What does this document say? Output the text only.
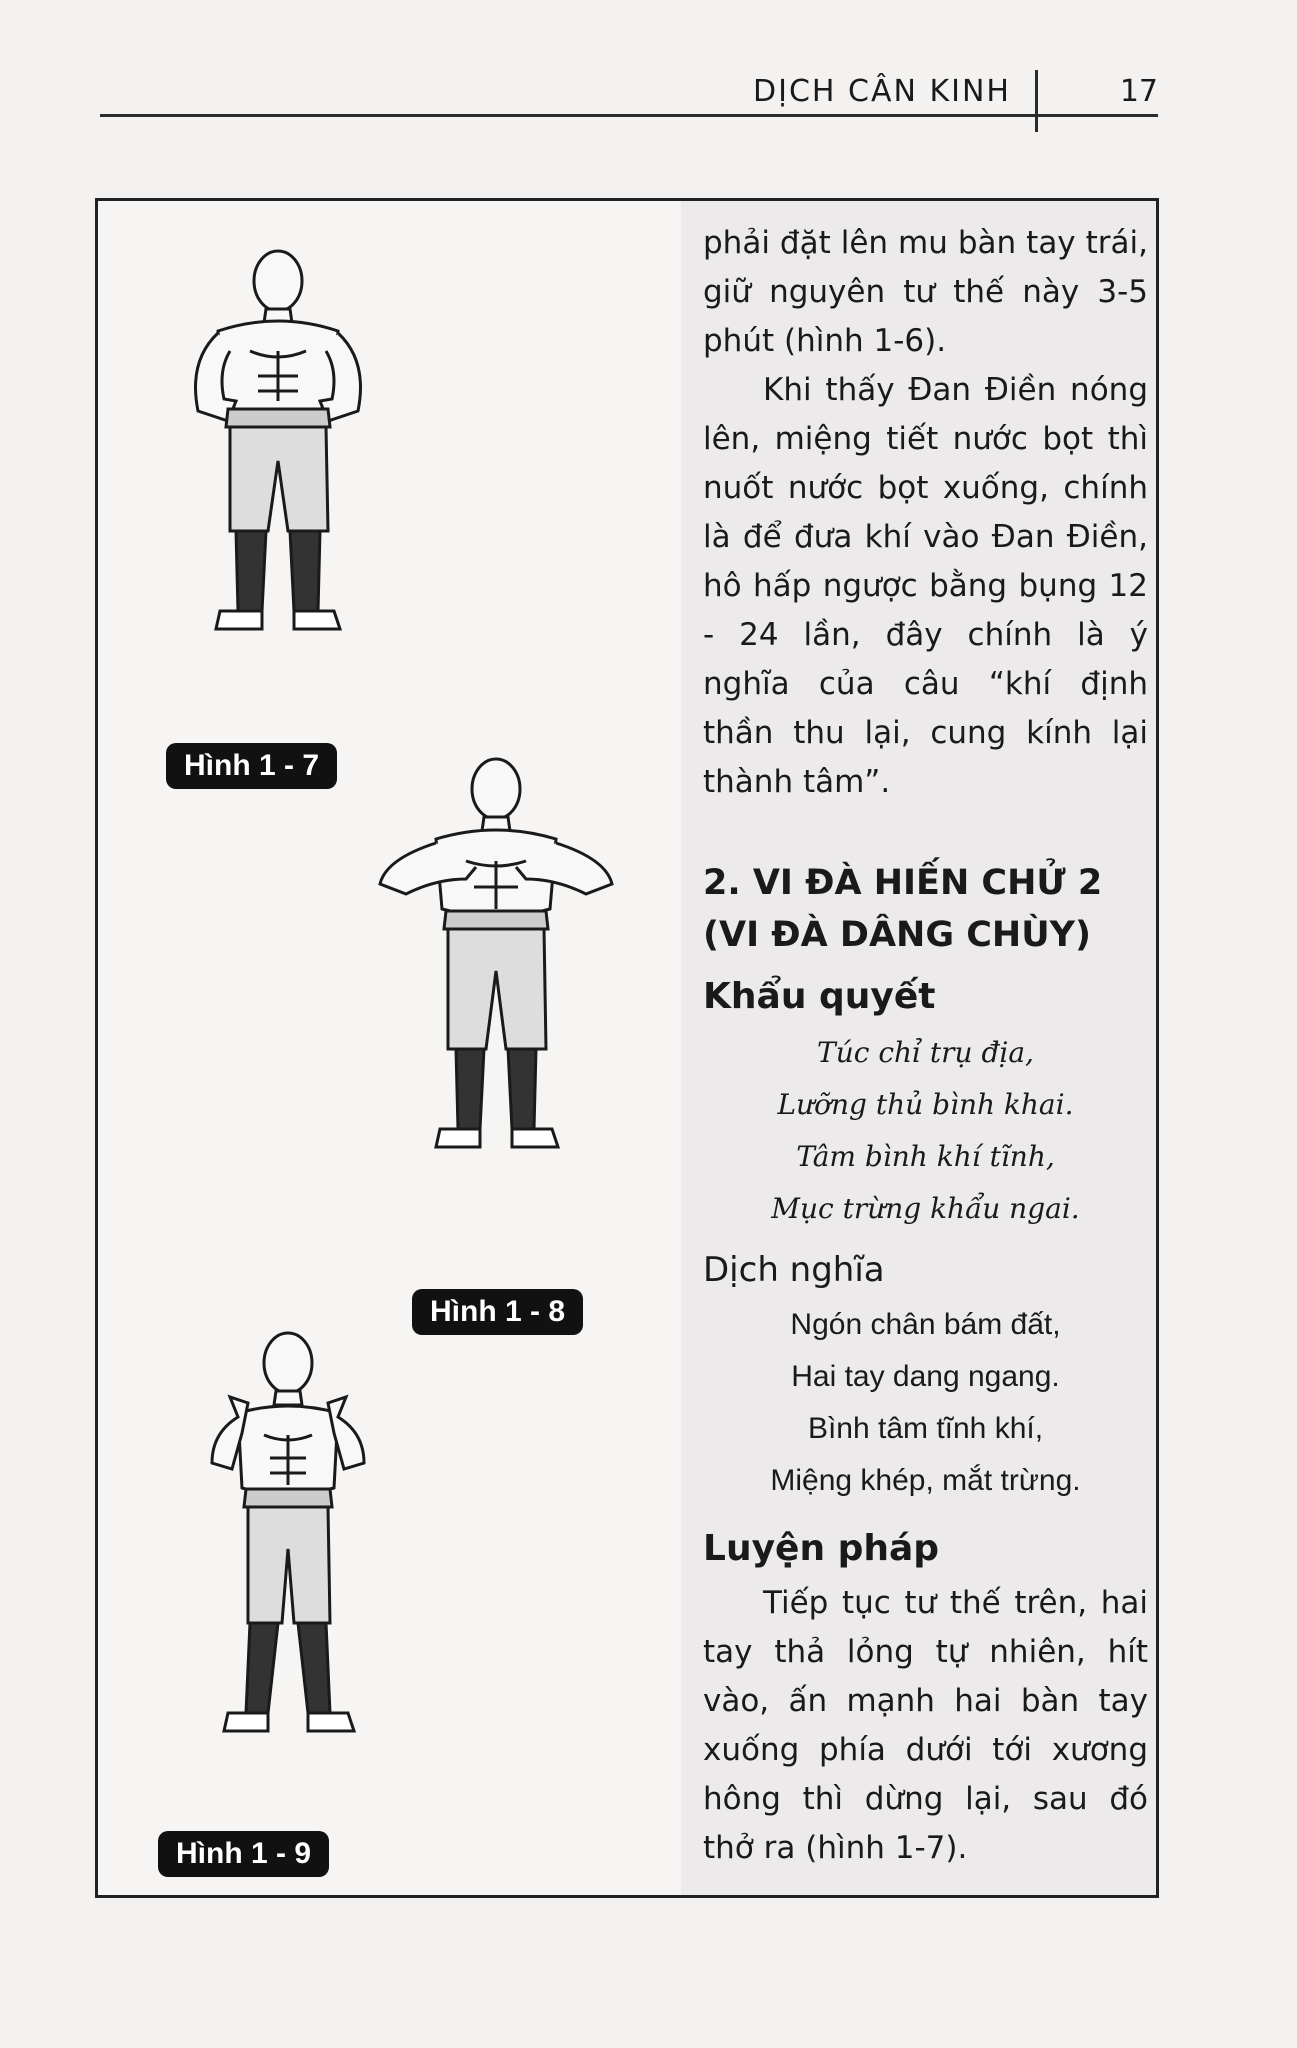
DỊCH CÂN KINH	17
Hình 1 - 7
Hình 1 - 8
Hình 1 - 9

phải đặt lên mu bàn tay trái, giữ nguyên tư thế này 3-5 phút (hình 1-6).

Khi thấy Đan Điền nóng lên, miệng tiết nước bọt thì nuốt nước bọt xuống, chính là để đưa khí vào Đan Điền, hô hấp ngược bằng bụng 12 - 24 lần, đây chính là ý nghĩa của câu “khí định thần thu lại, cung kính lại thành tâm”.

2. VI ĐÀ HIẾN CHỬ 2
(VI ĐÀ DÂNG CHÙY)
Khẩu quyết

Túc chỉ trụ địa,

Lưỡng thủ bình khai.

Tâm bình khí tĩnh,

Mục trừng khẩu ngai.

Dịch nghĩa

Ngón chân bám đất,

Hai tay dang ngang.

Bình tâm tĩnh khí,

Miệng khép, mắt trừng.

Luyện pháp

Tiếp tục tư thế trên, hai tay thả lỏng tự nhiên, hít vào, ấn mạnh hai bàn tay xuống phía dưới tới xương hông thì dừng lại, sau đó thở ra (hình 1-7).
